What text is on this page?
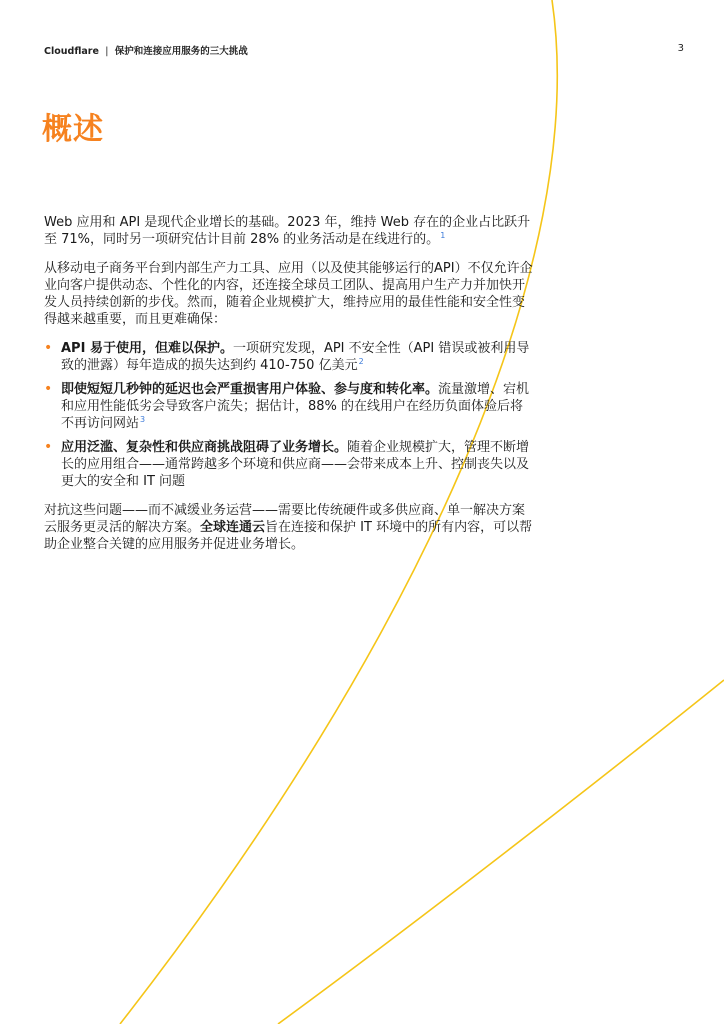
Cloudflare | 保护和连接应用服务的三大挑战	3
概述

Web 应用和 API 是现代企业增长的基础。2023 年，维持 Web 存在的企业占比跃升至 71%，同时另一项研究估计目前 28% 的业务活动是在线进行的。$^1$

从移动电子商务平台到内部生产力工具、应用（以及使其能够运行的API）不仅允许企业向客户提供动态、个性化的内容，还连接全球员工团队、提高用户生产力并加快开发人员持续创新的步伐。然而，随着企业规模扩大，维持应用的最佳性能和安全性变得越来越重要，而且更难确保：

• API 易于使用，但难以保护。一项研究发现，API 不安全性（API 错误或被利用导致的泄露）每年造成的损失达到约 410-750 亿美元$^2$
• 即使短短几秒钟的延迟也会严重损害用户体验、参与度和转化率。流量激增、宕机和应用性能低劣会导致客户流失；据估计，88% 的在线用户在经历负面体验后将不再访问网站$^3$
• 应用泛滥、复杂性和供应商挑战阻碍了业务增长。随着企业规模扩大，管理不断增长的应用组合——通常跨越多个环境和供应商——会带来成本上升、控制丧失以及更大的安全和 IT 问题

对抗这些问题——而不减缓业务运营——需要比传统硬件或多供应商、单一解决方案云服务更灵活的解决方案。全球连通云旨在连接和保护 IT 环境中的所有内容，可以帮助企业整合关键的应用服务并促进业务增长。
